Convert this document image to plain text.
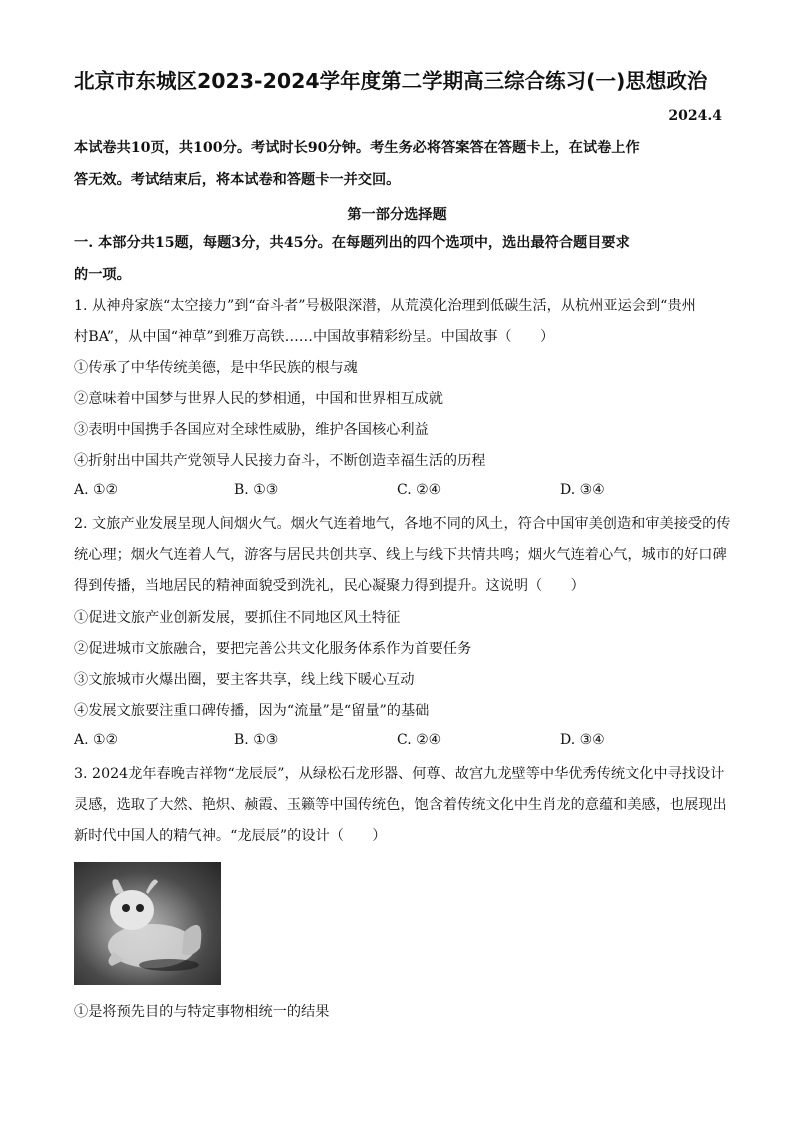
北京市东城区2023-2024学年度第二学期高三综合练习(一)思想政治
2024.4
本试卷共10页，共100分。考试时长90分钟。考生务必将答案答在答题卡上，在试卷上作
答无效。考试结束后，将本试卷和答题卡一并交回。
第一部分选择题
一. 本部分共15题，每题3分，共45分。在每题列出的四个选项中，选出最符合题目要求
的一项。
1. 从神舟家族“太空接力”到“奋斗者”号极限深潜，从荒漠化治理到低碳生活，从杭州亚运会到“贵州
村BA”，从中国“神草”到雅万高铁……中国故事精彩纷呈。中国故事（　　）
①传承了中华传统美德，是中华民族的根与魂
②意味着中国梦与世界人民的梦相通，中国和世界相互成就
③表明中国携手各国应对全球性威胁，维护各国核心利益
④折射出中国共产党领导人民接力奋斗，不断创造幸福生活的历程
A. ①②	B. ①③	C. ②④	D. ③④
2. 文旅产业发展呈现人间烟火气。烟火气连着地气，各地不同的风土，符合中国审美创造和审美接受的传
统心理；烟火气连着人气，游客与居民共创共享、线上与线下共情共鸣；烟火气连着心气，城市的好口碑
得到传播，当地居民的精神面貌受到洗礼，民心凝聚力得到提升。这说明（　　）
①促进文旅产业创新发展，要抓住不同地区风土特征
②促进城市文旅融合，要把完善公共文化服务体系作为首要任务
③文旅城市火爆出圈，要主客共享，线上线下暖心互动
④发展文旅要注重口碑传播，因为“流量”是“留量”的基础
A. ①②	B. ①③	C. ②④	D. ③④
3. 2024龙年春晚吉祥物“龙辰辰”，从绿松石龙形器、何尊、故宫九龙壁等中华优秀传统文化中寻找设计
灵感，选取了大然、艳炽、赪霞、玉籁等中国传统色，饱含着传统文化中生肖龙的意蕴和美感，也展现出
新时代中国人的精气神。“龙辰辰”的设计（　　）
①是将预先目的与特定事物相统一的结果
